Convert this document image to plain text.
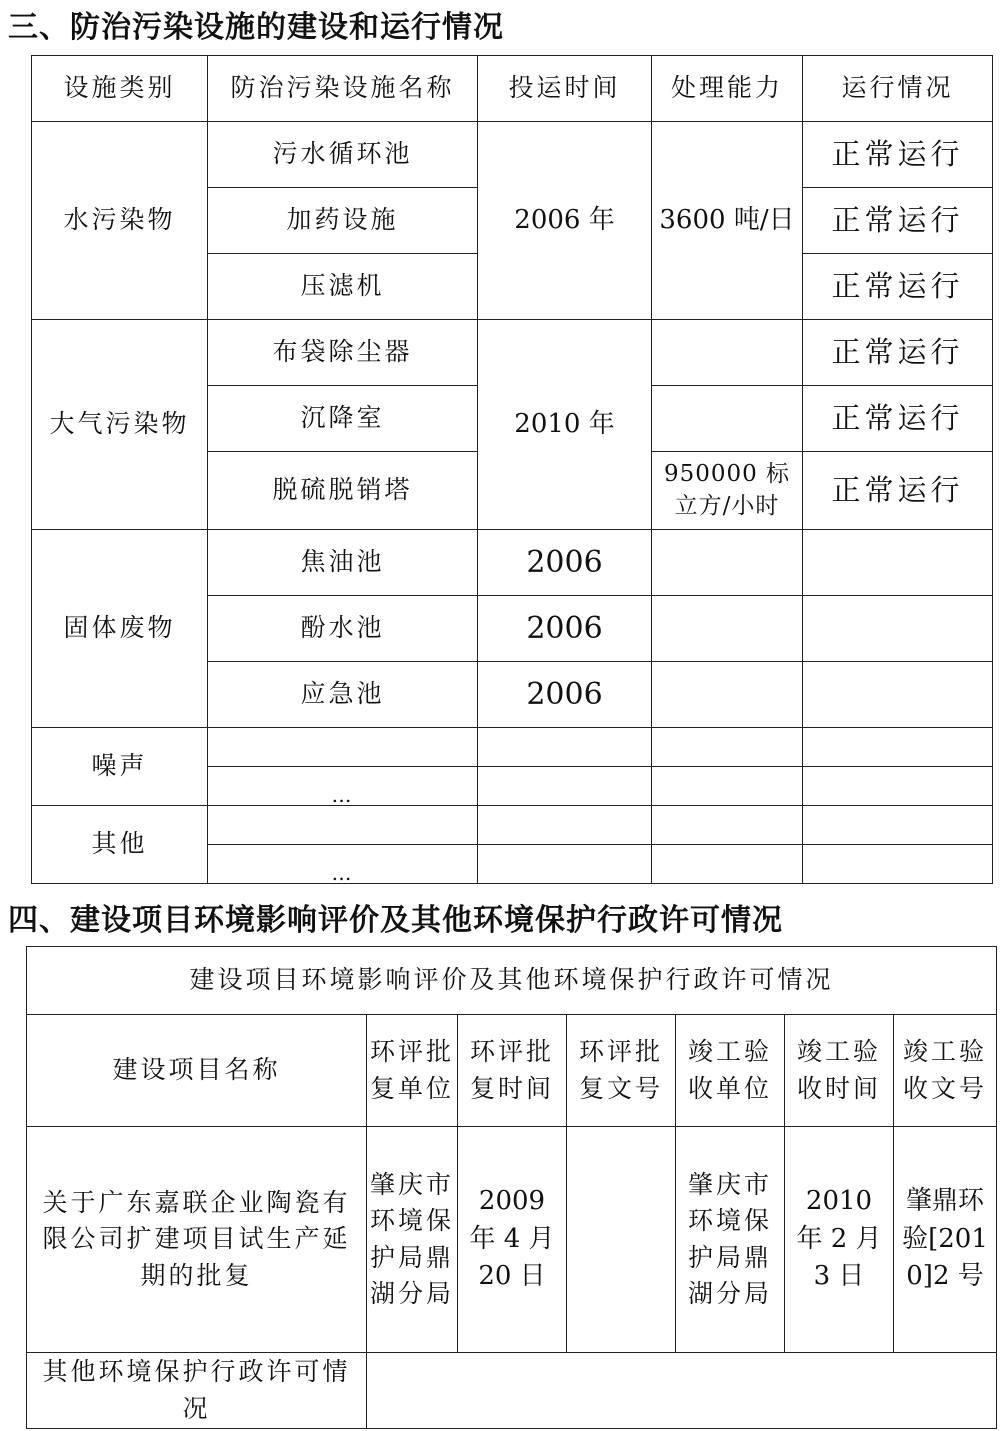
三、防治污染设施的建设和运行情况
设施类别	防治污染设施名称	投运时间	处理能力	运行情况
水污染物	污水循环池	2006 年	3600 吨/日	正常运行
	加药设施			正常运行
	压滤机			正常运行
大气污染物	布袋除尘器	2010 年		正常运行
	沉降室			正常运行
	脱硫脱销塔		950000 标立方/小时	正常运行
固体废物	焦油池	2006		
	酚水池	2006		
	应急池	2006		
噪声				
	…			
其他				
	…			
四、建设项目环境影响评价及其他环境保护行政许可情况
建设项目环境影响评价及其他环境保护行政许可情况						
建设项目名称	环评批复单位	环评批复时间	环评批复文号	竣工验收单位	竣工验收时间	竣工验收文号
关于广东嘉联企业陶瓷有限公司扩建项目试生产延期的批复	肇庆市环境保护局鼎湖分局	2009 年 4 月 20 日		肇庆市环境保护局鼎湖分局	2010 年 2 月 3 日	肇鼎环验[2010]2 号
其他环境保护行政许可情况						
